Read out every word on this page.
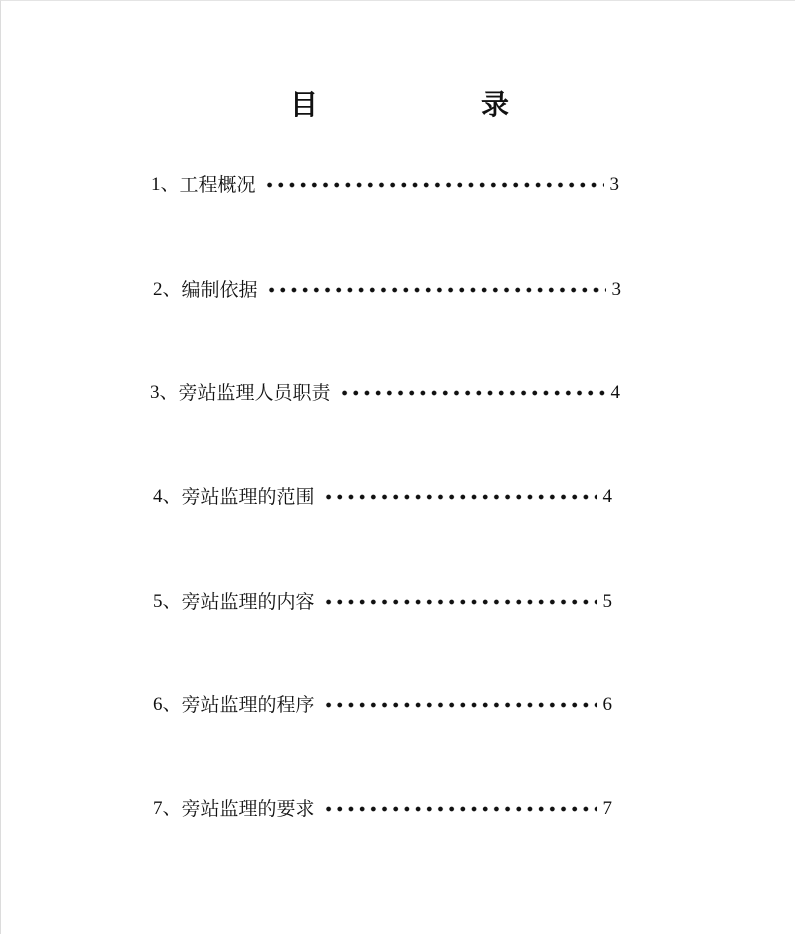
目	录
1、 工程概况	3
2、 编制依据	3
3、 旁站监理人员职责	4
4、 旁站监理的范围	4
5、 旁站监理的内容	5
6、 旁站监理的程序	6
7、 旁站监理的要求	7
